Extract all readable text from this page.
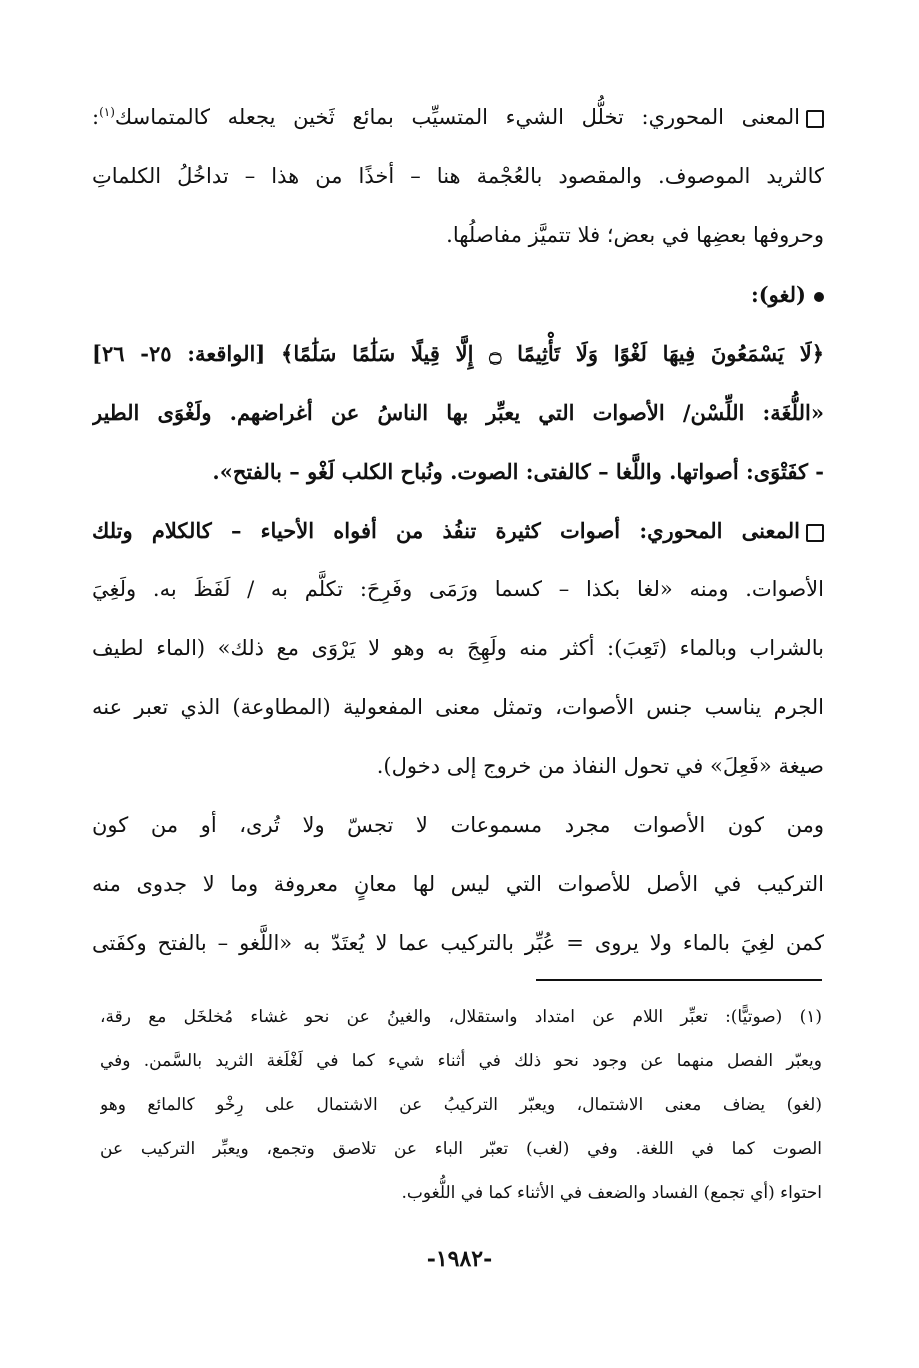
المعنى المحوري: تخلُّل الشيء المتسيِّب بمائع ثَخين يجعله كالمتماسك$^{(١)}$:
كالثريد الموصوف. والمقصود بالعُجْمة هنا – أخذًا من هذا – تداخُلُ الكلماتِ
وحروفها بعضِها في بعض؛ فلا تتميَّز مفاصلُها.
(لغو):
﴿لَا يَسْمَعُونَ فِيهَا لَغْوًا وَلَا تَأْثِيمًا ۝ إِلَّا قِيلًا سَلَٰمًا سَلَٰمًا﴾ [الواقعة: ٢٥- ٢٦]
«اللُّغَة: اللِّسْن/ الأصوات التي يعبِّر بها الناسُ عن أغراضهم. ولَغْوَى الطير
- كفَتْوَى: أصواتها. واللَّغا – كالفتى: الصوت. ونُباح الكلب لَغْو – بالفتح».
المعنى المحوري: أصوات كثيرة تنفُذ من أفواه الأحياء – كالكلام وتلك
الأصوات. ومنه «لغا بكذا – كسما ورَمَى وفَرِحَ: تكلَّم به / لَفَظَ به. ولَغِيَ
بالشراب وبالماء (تَعِبَ): أكثر منه ولَهِجَ به وهو لا يَرْوَى مع ذلك» (الماء لطيف
الجرم يناسب جنس الأصوات، وتمثل معنى المفعولية (المطاوعة) الذي تعبر عنه
صيغة «فَعِلَ» في تحول النفاذ من خروج إلى دخول).
ومن كون الأصوات مجرد مسموعات لا تجسّ ولا تُرى، أو من كون
التركيب في الأصل للأصوات التي ليس لها معانٍ معروفة وما لا جدوى منه
كمن لغِيَ بالماء ولا يروى = عُبِّر بالتركيب عما لا يُعتَدّ به «اللَّغو – بالفتح وكفَتى
(١) (صوتيًّا): تعبِّر اللام عن امتداد واستقلال، والغينُ عن نحو غشاء مُخلخَل مع رقة،
ويعبّر الفصل منهما عن وجود نحو ذلك في أثناء شيء كما في لَغْلَغة الثريد بالسَّمن. وفي
(لغو) يضاف معنى الاشتمال، ويعبّر التركيبُ عن الاشتمال على رِخْو كالمائع وهو
الصوت كما في اللغة. وفي (لغب) تعبّر الباء عن تلاصق وتجمع، ويعبِّر التركيب عن
احتواء (أي تجمع) الفساد والضعف في الأثناء كما في اللُّغوب.
-١٩٨٢-
